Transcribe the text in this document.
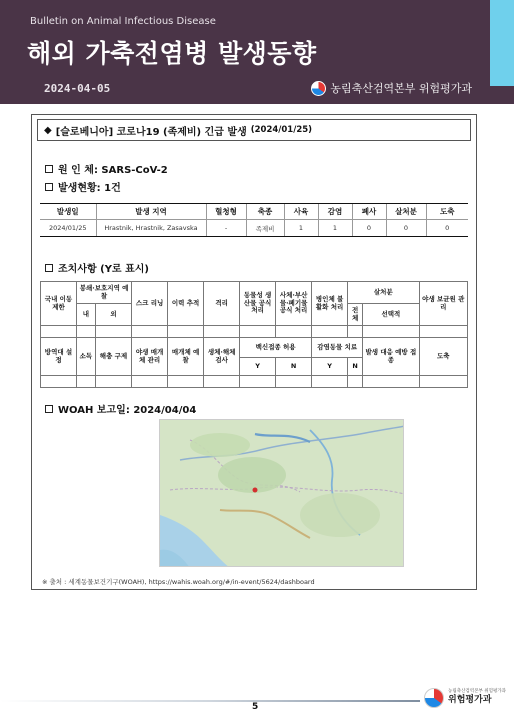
Bulletin on Animal Infectious Disease
해외 가축전염병 발생동향
2024-04-05	농림축산검역본부 위험평가과
◆ [슬로베니아] 코로나19 (족제비) 긴급 발생 (2024/01/25)
원 인 체: SARS-CoV-2
발생현황: 1건
발생일	발생 지역	혈청형	축종	사육	감염	폐사	살처분	도축
2024/01/25	Hrastnik, Hrastnik, Zasavska	-	족제비	1	1	0	0	0
조치사항 (Y로 표시)
국내 이동 제한	봉쇄·보호지역 예찰		스크 리닝	이력 추적	격리	동물성 생산물 공식 처리	사체·부산물·폐기물 공식 처리	병인체 불활화 처리	살처분		야생 보균원 관리
	내	외							전체	선택적	

방역대 설정	소독	해충 구제	야생 매개체 관리	매개체 예찰	생체·해체 검사	백신접종 허용		감염동물 치료		발생 대응 예방 접종	도축
						Y	N	Y	N		

WOAH 보고일: 2024/04/04
※ 출처 : 세계동물보건기구(WOAH), https://wahis.woah.org/#/in-event/5624/dashboard
5
농림축산검역본부 위험평가과
위험평가과
